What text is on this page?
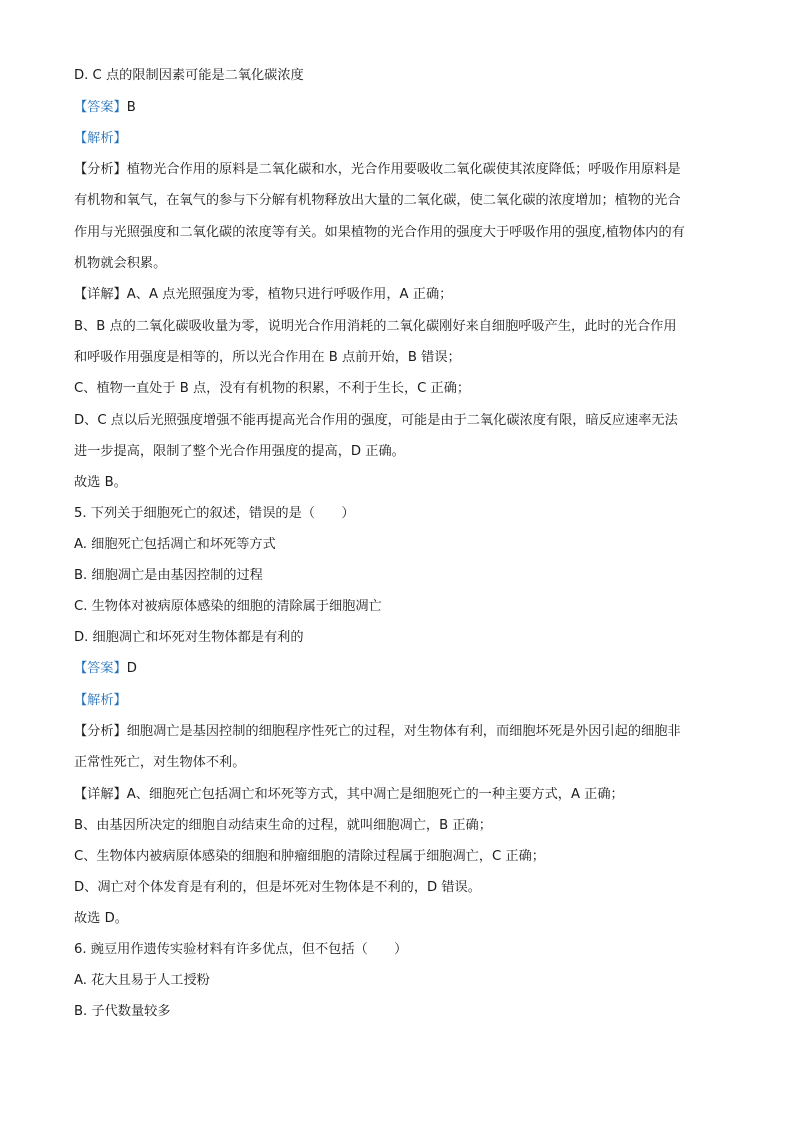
D. C 点的限制因素可能是二氧化碳浓度
【答案】B
【解析】
【分析】植物光合作用的原料是二氧化碳和水，光合作用要吸收二氧化碳使其浓度降低；呼吸作用原料是
有机物和氧气，在氧气的参与下分解有机物释放出大量的二氧化碳，使二氧化碳的浓度增加；植物的光合
作用与光照强度和二氧化碳的浓度等有关。如果植物的光合作用的强度大于呼吸作用的强度,植物体内的有
机物就会积累。
【详解】A、A 点光照强度为零，植物只进行呼吸作用，A 正确；
B、B 点的二氧化碳吸收量为零，说明光合作用消耗的二氧化碳刚好来自细胞呼吸产生，此时的光合作用
和呼吸作用强度是相等的，所以光合作用在 B 点前开始，B 错误；
C、植物一直处于 B 点，没有有机物的积累，不利于生长，C 正确；
D、C 点以后光照强度增强不能再提高光合作用的强度，可能是由于二氧化碳浓度有限，暗反应速率无法
进一步提高，限制了整个光合作用强度的提高，D 正确。
故选 B。
5. 下列关于细胞死亡的叙述，错误的是（　　）
A. 细胞死亡包括凋亡和坏死等方式
B. 细胞凋亡是由基因控制的过程
C. 生物体对被病原体感染的细胞的清除属于细胞凋亡
D. 细胞凋亡和坏死对生物体都是有利的
【答案】D
【解析】
【分析】细胞凋亡是基因控制的细胞程序性死亡的过程，对生物体有利，而细胞坏死是外因引起的细胞非
正常性死亡，对生物体不利。
【详解】A、细胞死亡包括凋亡和坏死等方式，其中凋亡是细胞死亡的一种主要方式，A 正确；
B、由基因所决定的细胞自动结束生命的过程，就叫细胞凋亡，B 正确；
C、生物体内被病原体感染的细胞和肿瘤细胞的清除过程属于细胞凋亡，C 正确；
D、凋亡对个体发育是有利的，但是坏死对生物体是不利的，D 错误。
故选 D。
6. 豌豆用作遗传实验材料有许多优点，但不包括（　　）
A. 花大且易于人工授粉
B. 子代数量较多
